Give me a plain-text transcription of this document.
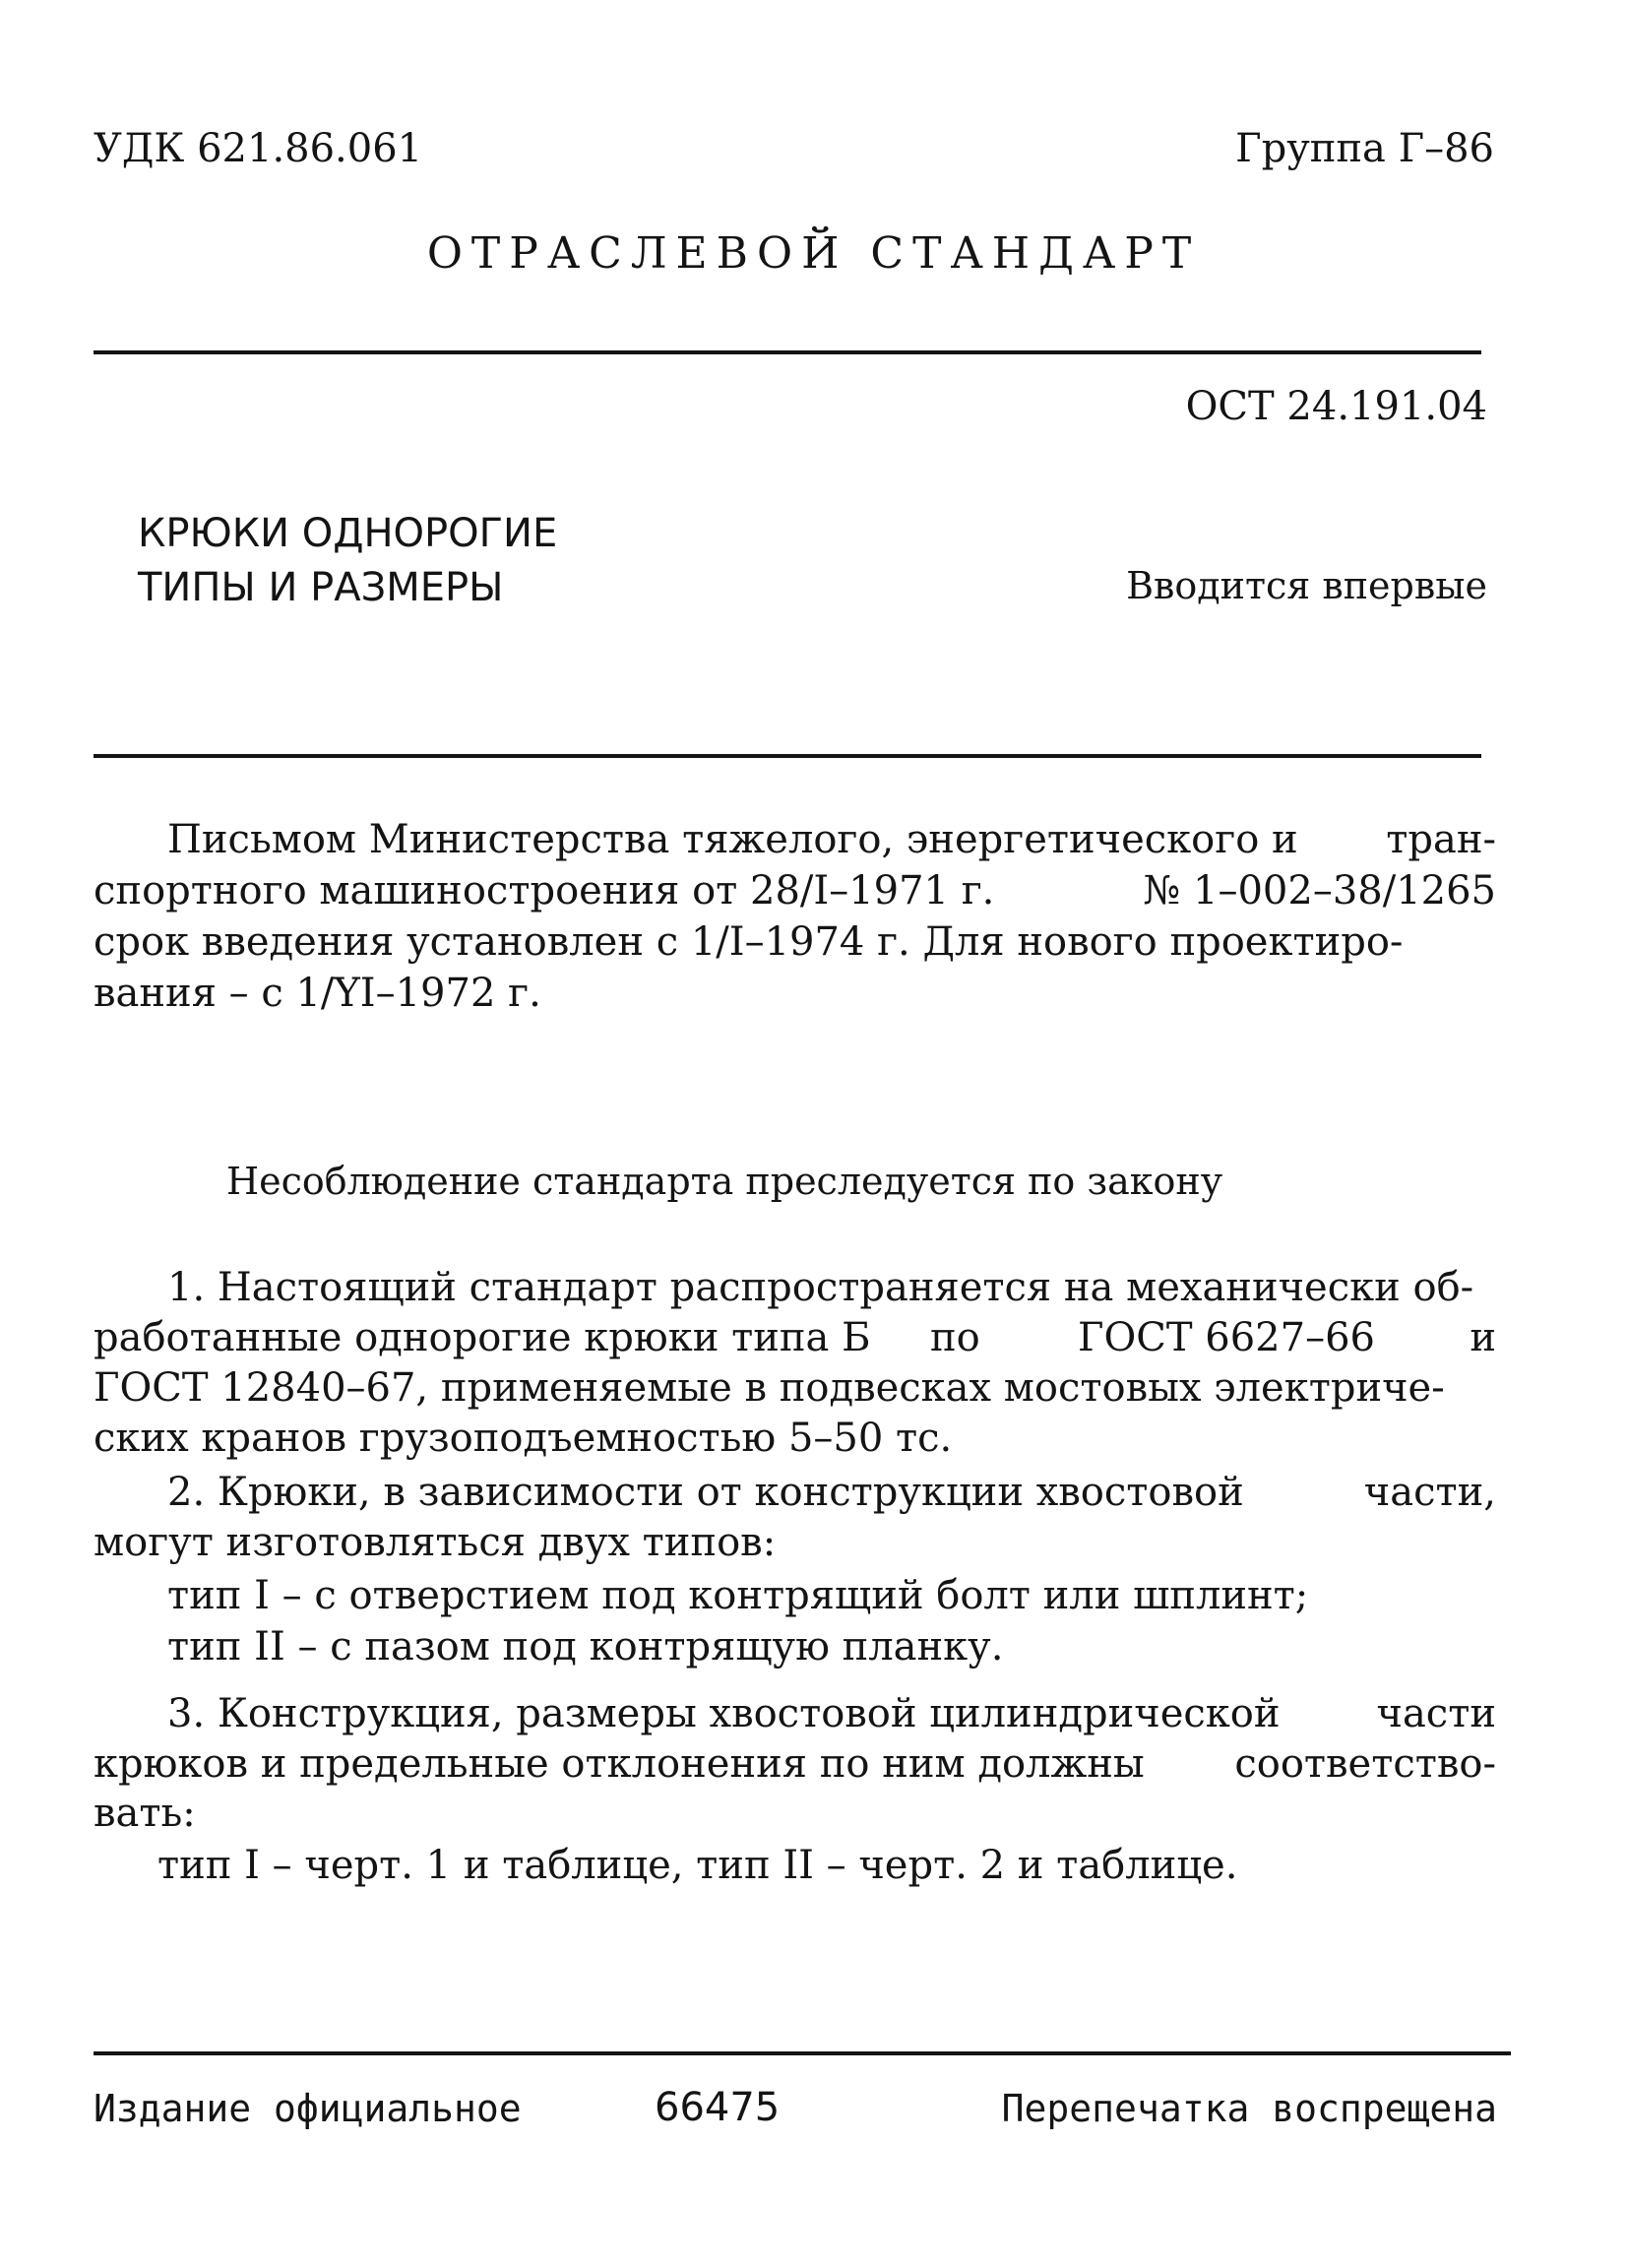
УДК 621.86.061	Группа Г–86
ОТРАСЛЕВОЙ СТАНДАРТ
ОСТ 24.191.04
КРЮКИ ОДНОРОГИЕ
ТИПЫ И РАЗМЕРЫ	Вводится впервые
Письмом Министерства тяжелого, энергетического и тран-
спортного машиностроения от 28/I–1971 г.	№ 1–002–38/1265
срок введения установлен с 1/I–1974 г. Для нового проектиро-
вания – с 1/YI–1972 г.
Несоблюдение стандарта преследуется по закону
1. Настоящий стандарт распространяется на механически об-
работанные однорогие крюки типа Б по ГОСТ 6627–66 и
ГОСТ 12840–67, применяемые в подвесках мостовых электриче-
ских кранов грузоподъемностью 5–50 тс.
2. Крюки, в зависимости от конструкции хвостовой	части,
могут изготовляться двух типов:
тип I – с отверстием под контрящий болт или шплинт;
тип II – с пазом под контрящую планку.
3. Конструкция, размеры хвостовой цилиндрической части
крюков и предельные отклонения по ним должны соответство-
вать:
тип I – черт. 1 и таблице, тип II – черт. 2 и таблице.
Издание официальное	66475	Перепечатка воспрещена
